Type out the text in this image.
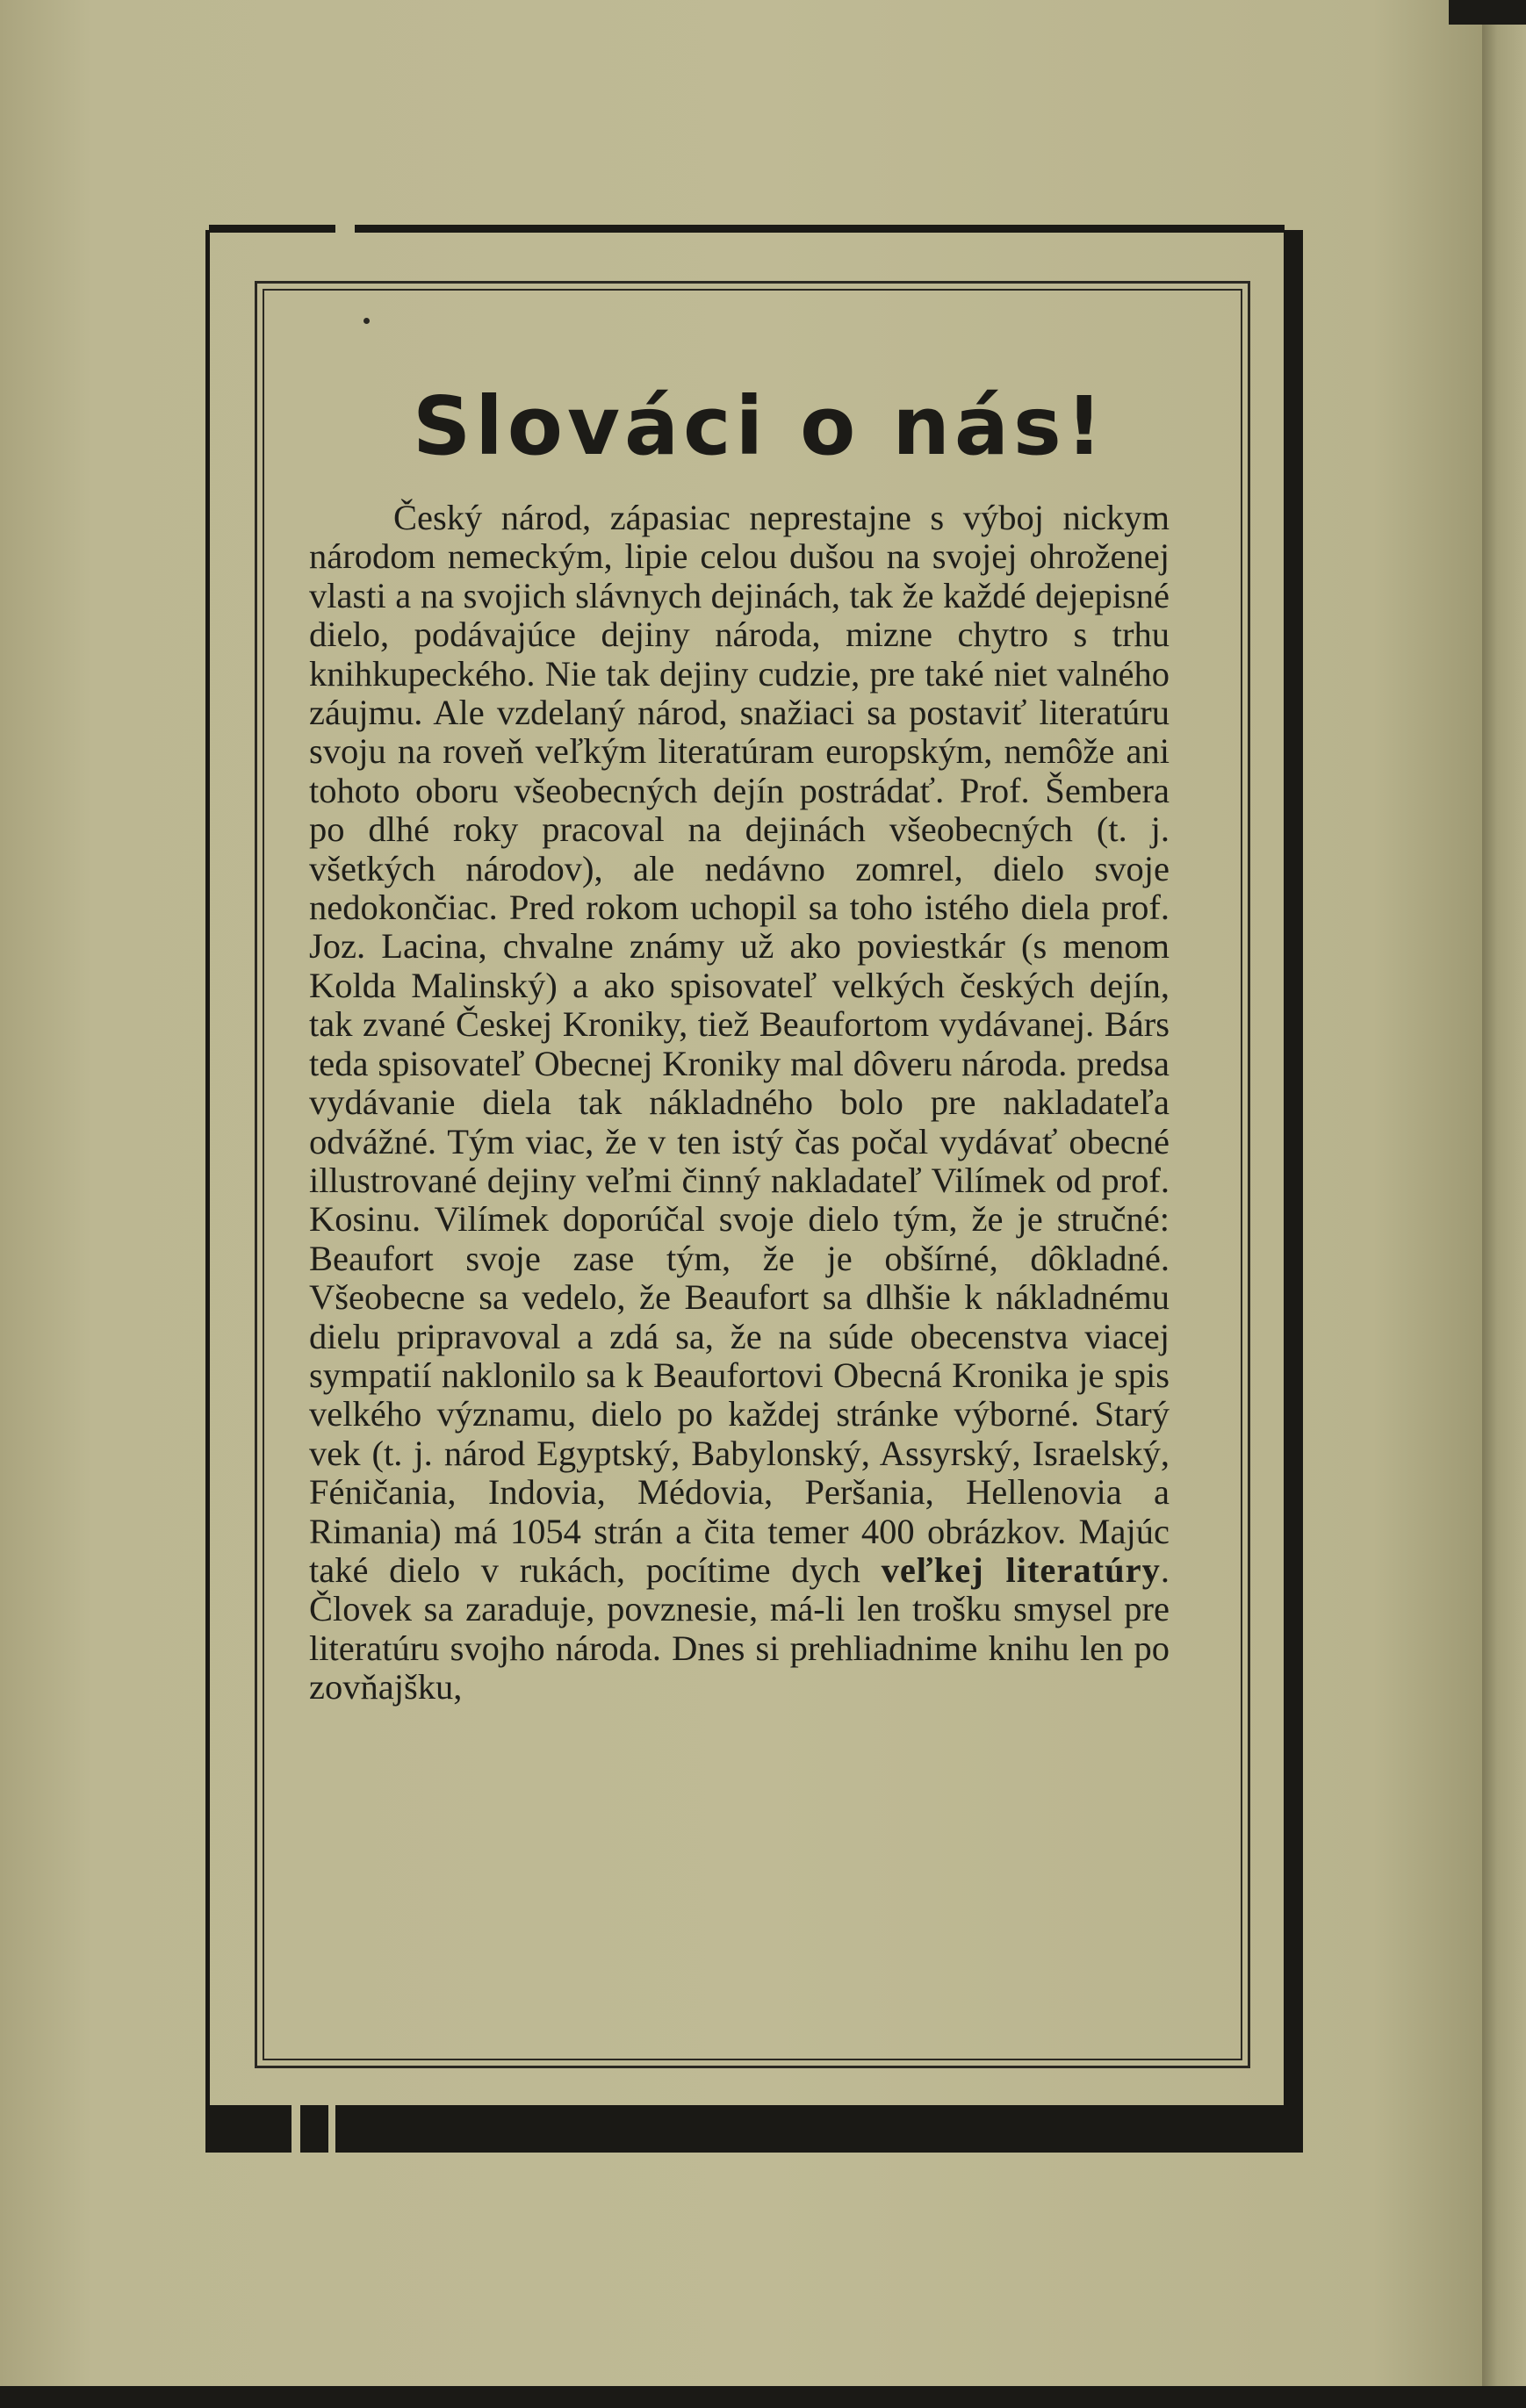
Slováci o nás!

Český národ, zápasiac neprestajne s výboj nickym národom nemeckým, lipie celou dušou na svojej ohroženej vlasti a na svojich slávnych dejinách, tak že každé dejepisné dielo, podávajúce dejiny národa, mizne chytro s trhu knihkupeckého. Nie tak dejiny cudzie, pre také niet valného záujmu. Ale vzdelaný národ, snažiaci sa postaviť literatúru svoju na roveň veľkým literatúram europským, nemôže ani tohoto oboru všeobecných dejín postrádať. Prof. Šembera po dlhé roky pracoval na dejinách všeobecných (t. j. všetkých národov), ale nedávno zomrel, dielo svoje nedokončiac. Pred rokom uchopil sa toho istého diela prof. Joz. Lacina, chvalne známy už ako poviestkár (s menom Kolda Malinský) a ako spisovateľ velkých českých dejín, tak zvané Českej Kroniky, tiež Beaufortom vydávanej. Bárs teda spisovateľ Obecnej Kroniky mal dôveru národa. predsa vydávanie diela tak nákladného bolo pre nakladateľa odvážné. Tým viac, že v ten istý čas počal vydávať obecné illustrované dejiny veľmi činný nakladateľ Vilímek od prof. Kosinu. Vilímek doporúčal svoje dielo tým, že je stručné: Beaufort svoje zase tým, že je obšírné, dôkladné. Všeobecne sa vedelo, že Beaufort sa dlhšie k nákladnému dielu pripravoval a zdá sa, že na súde obecenstva viacej sympatií naklonilo sa k Beaufortovi Obecná Kronika je spis velkého významu, dielo po každej stránke výborné. Starý vek (t. j. národ Egyptský, Babylonský, Assyrský, Israelský, Féničania, Indovia, Médovia, Peršania, Hellenovia a Rimania) má 1054 strán a čita temer 400 obrázkov. Majúc také dielo v rukách, pocítime dych veľkej literatúry. Človek sa zaraduje, povznesie, má-li len trošku smysel pre literatúru svojho národa. Dnes si prehliadnime knihu len po zovňajšku,
